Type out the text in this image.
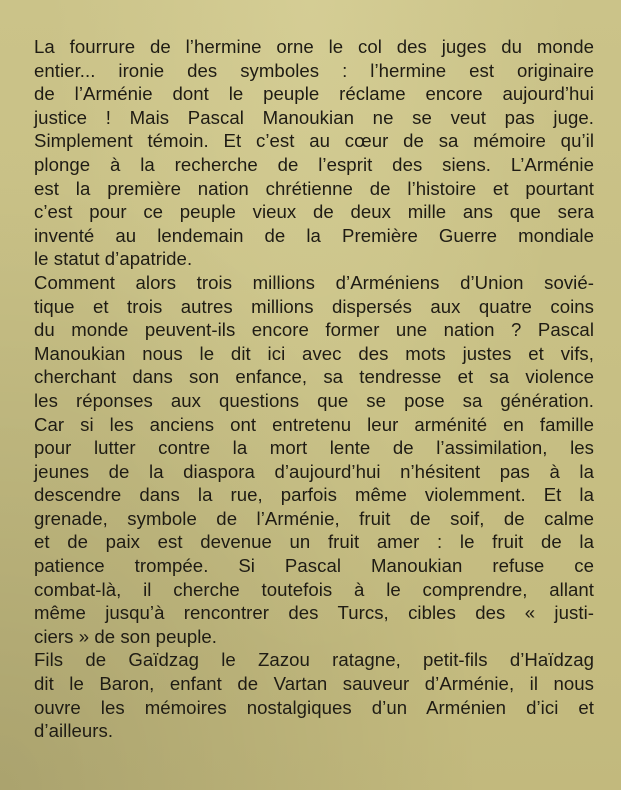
La fourrure de l’hermine orne le col des juges du monde
entier... ironie des symboles : l’hermine est originaire
de l’Arménie dont le peuple réclame encore aujourd’hui
justice ! Mais Pascal Manoukian ne se veut pas juge.
Simplement témoin. Et c’est au cœur de sa mémoire qu’il
plonge à la recherche de l’esprit des siens. L’Arménie
est la première nation chrétienne de l’histoire et pourtant
c’est pour ce peuple vieux de deux mille ans que sera
inventé au lendemain de la Première Guerre mondiale
le statut d’apatride.
Comment alors trois millions d’Arméniens d’Union sovié-
tique et trois autres millions dispersés aux quatre coins
du monde peuvent-ils encore former une nation ? Pascal
Manoukian nous le dit ici avec des mots justes et vifs,
cherchant dans son enfance, sa tendresse et sa violence
les réponses aux questions que se pose sa génération.
Car si les anciens ont entretenu leur arménité en famille
pour lutter contre la mort lente de l’assimilation, les
jeunes de la diaspora d’aujourd’hui n’hésitent pas à la
descendre dans la rue, parfois même violemment. Et la
grenade, symbole de l’Arménie, fruit de soif, de calme
et de paix est devenue un fruit amer : le fruit de la
patience trompée. Si Pascal Manoukian refuse ce
combat-là, il cherche toutefois à le comprendre, allant
même jusqu’à rencontrer des Turcs, cibles des « justi-
ciers » de son peuple.
Fils de Gaïdzag le Zazou ratagne, petit-fils d’Haïdzag
dit le Baron, enfant de Vartan sauveur d’Arménie, il nous
ouvre les mémoires nostalgiques d’un Arménien d’ici et
d’ailleurs.
